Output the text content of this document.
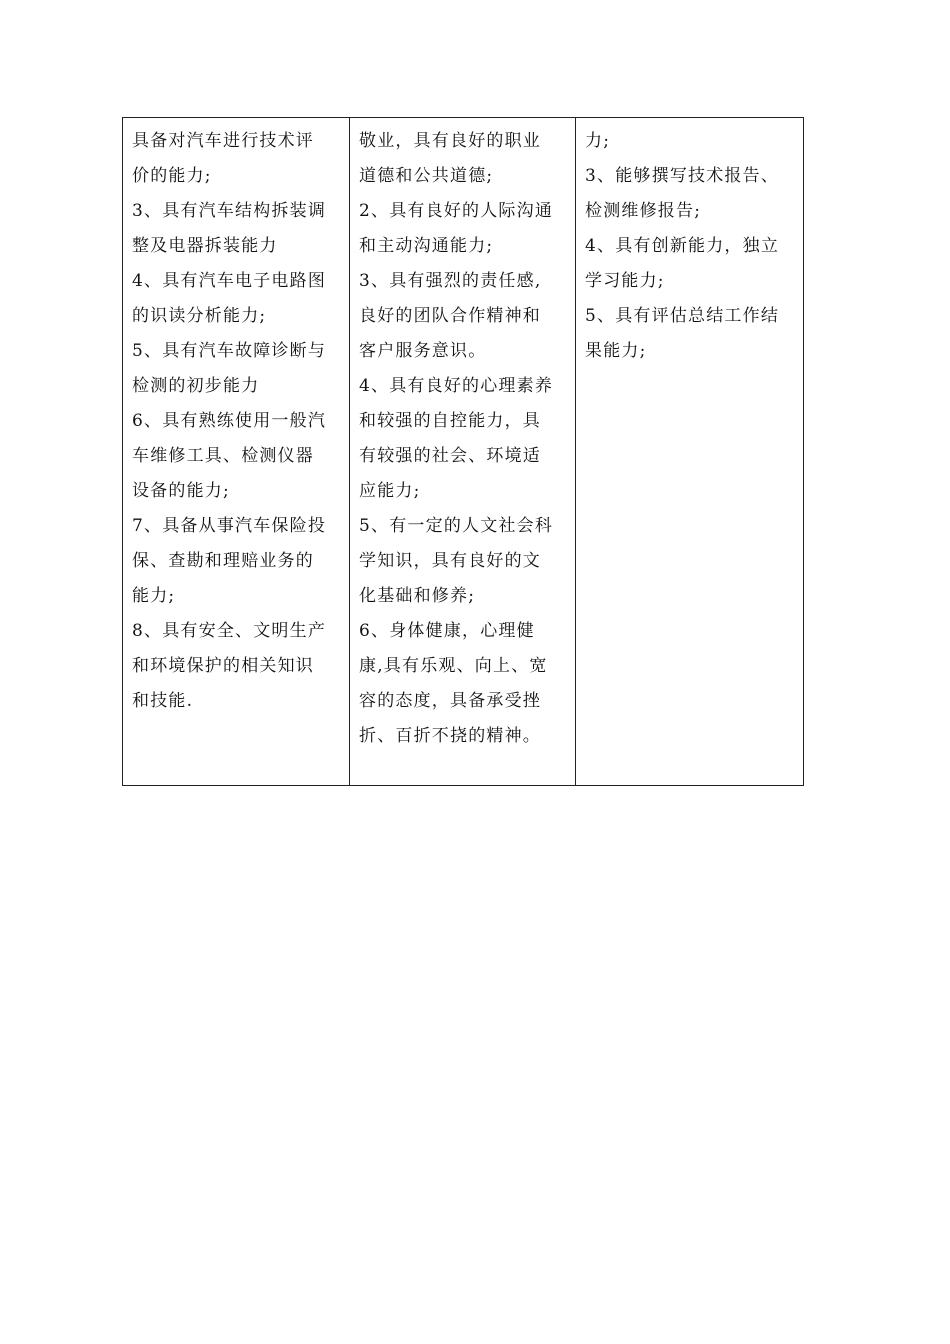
具备对汽车进行技术评
价的能力;
3、具有汽车结构拆装调
整及电器拆装能力
4、具有汽车电子电路图
的识读分析能力;
5、具有汽车故障诊断与
检测的初步能力
6、具有熟练使用一般汽
车维修工具、检测仪器
设备的能力;
7、具备从事汽车保险投
保、查勘和理赔业务的
能力;
8、具有安全、文明生产
和环境保护的相关知识
和技能.

敬业，具有良好的职业
道德和公共道德;
2、具有良好的人际沟通
和主动沟通能力;
3、具有强烈的责任感,
良好的团队合作精神和
客户服务意识。
4、具有良好的心理素养
和较强的自控能力，具
有较强的社会、环境适
应能力;
5、有一定的人文社会科
学知识，具有良好的文
化基础和修养;
6、身体健康，心理健
康,具有乐观、向上、宽
容的态度，具备承受挫
折、百折不挠的精神。

力;
3、能够撰写技术报告、
检测维修报告;
4、具有创新能力，独立
学习能力;
5、具有评估总结工作结
果能力;
